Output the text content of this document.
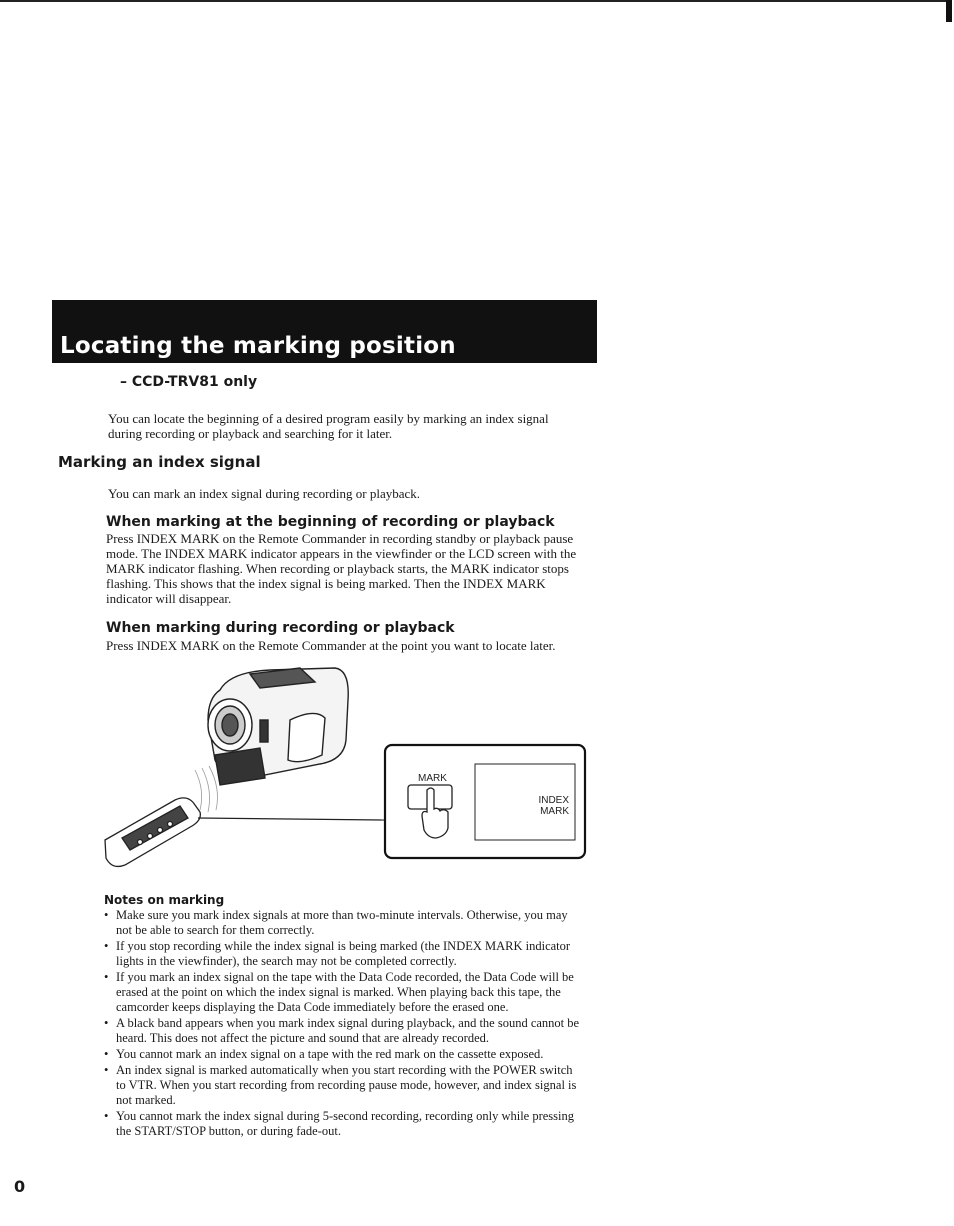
Locating the marking position
– CCD-TRV81 only

You can locate the beginning of a desired program easily by marking an index signal during recording or playback and searching for it later.

Marking an index signal

You can mark an index signal during recording or playback.

When marking at the beginning of recording or playback

Press INDEX MARK on the Remote Commander in recording standby or playback pause mode. The INDEX MARK indicator appears in the viewfinder or the LCD screen with the MARK indicator flashing. When recording or playback starts, the MARK indicator stops flashing. This shows that the index signal is being marked. Then the INDEX MARK indicator will disappear.

When marking during recording or playback

Press INDEX MARK on the Remote Commander at the point you want to locate later.

MARK
INDEX
MARK
Notes on marking
• Make sure you mark index signals at more than two-minute intervals. Otherwise, you may not be able to search for them correctly.
• If you stop recording while the index signal is being marked (the INDEX MARK indicator lights in the viewfinder), the search may not be completed correctly.
• If you mark an index signal on the tape with the Data Code recorded, the Data Code will be erased at the point on which the index signal is marked. When playing back this tape, the camcorder keeps displaying the Data Code immediately before the erased one.
• A black band appears when you mark index signal during playback, and the sound cannot be heard. This does not affect the picture and sound that are already recorded.
• You cannot mark an index signal on a tape with the red mark on the cassette exposed.
• An index signal is marked automatically when you start recording with the POWER switch to VTR. When you start recording from recording pause mode, however, and index signal is not marked.
• You cannot mark the index signal during 5-second recording, recording only while pressing the START/STOP button, or during fade-out.
0
